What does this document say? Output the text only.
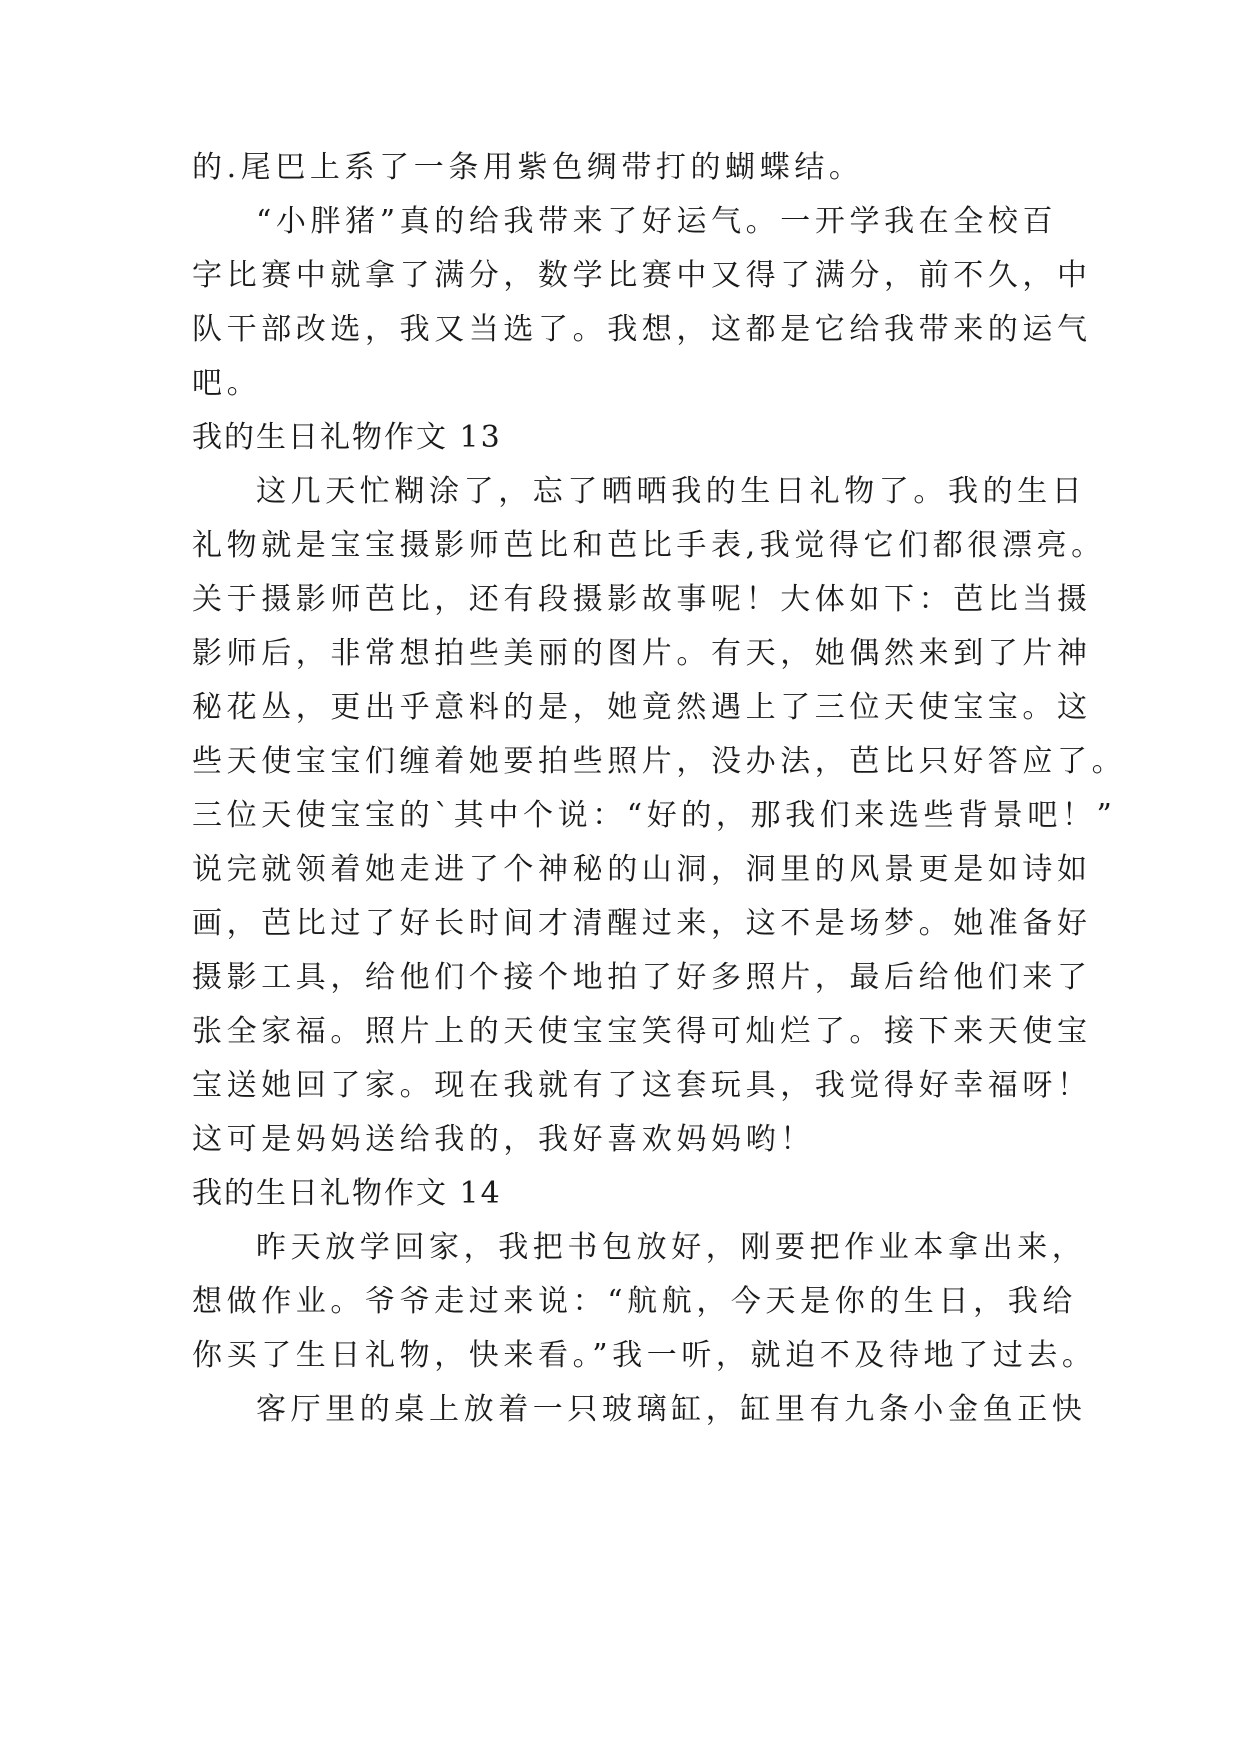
的.尾巴上系了一条用紫色绸带打的蝴蝶结。
“小胖猪”真的给我带来了好运气。一开学我在全校百
字比赛中就拿了满分，数学比赛中又得了满分，前不久，中
队干部改选，我又当选了。我想，这都是它给我带来的运气
吧。
我的生日礼物作文 13
这几天忙糊涂了，忘了晒晒我的生日礼物了。我的生日
礼物就是宝宝摄影师芭比和芭比手表,我觉得它们都很漂亮。
关于摄影师芭比，还有段摄影故事呢！大体如下：芭比当摄
影师后，非常想拍些美丽的图片。有天，她偶然来到了片神
秘花丛，更出乎意料的是，她竟然遇上了三位天使宝宝。这
些天使宝宝们缠着她要拍些照片，没办法，芭比只好答应了。
三位天使宝宝的`其中个说：“好的，那我们来选些背景吧！”
说完就领着她走进了个神秘的山洞，洞里的风景更是如诗如
画，芭比过了好长时间才清醒过来，这不是场梦。她准备好
摄影工具，给他们个接个地拍了好多照片，最后给他们来了
张全家福。照片上的天使宝宝笑得可灿烂了。接下来天使宝
宝送她回了家。现在我就有了这套玩具，我觉得好幸福呀！
这可是妈妈送给我的，我好喜欢妈妈哟！
我的生日礼物作文 14
昨天放学回家，我把书包放好，刚要把作业本拿出来，
想做作业。爷爷走过来说：“航航，今天是你的生日，我给
你买了生日礼物，快来看。”我一听，就迫不及待地了过去。
客厅里的桌上放着一只玻璃缸，缸里有九条小金鱼正快
